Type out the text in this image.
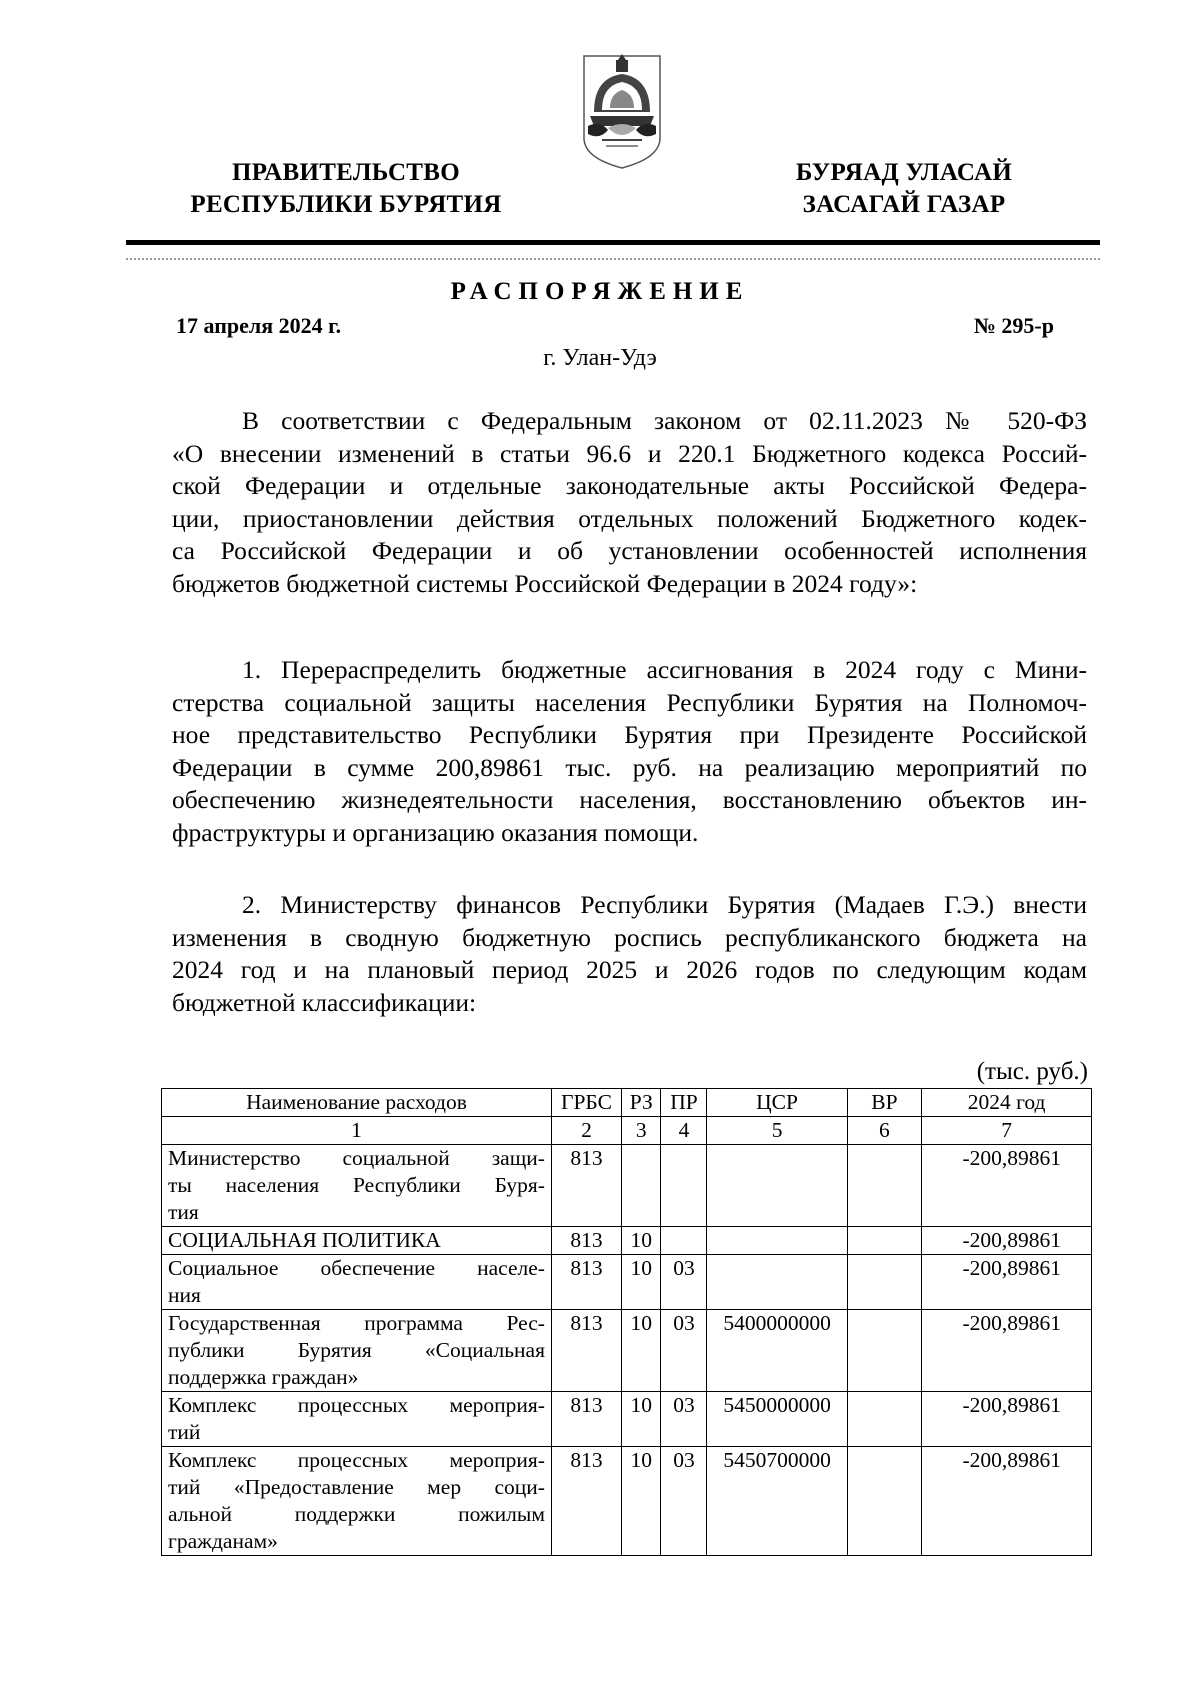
ПРАВИТЕЛЬСТВО
РЕСПУБЛИКИ БУРЯТИЯ
БУРЯАД УЛАСАЙ
ЗАСАГАЙ ГАЗАР
РАСПОРЯЖЕНИЕ
17 апреля 2024 г.	№ 295-р
г. Улан-Удэ
В соответствии с Федеральным законом от 02.11.2023 № 520-ФЗ
«О внесении изменений в статьи 96.6 и 220.1 Бюджетного кодекса Россий-
ской Федерации и отдельные законодательные акты Российской Федера-
ции, приостановлении действия отдельных положений Бюджетного кодек-
са Российской Федерации и об установлении особенностей исполнения
бюджетов бюджетной системы Российской Федерации в 2024 году»:
1. Перераспределить бюджетные ассигнования в 2024 году с Мини-
стерства социальной защиты населения Республики Бурятия на Полномоч-
ное представительство Республики Бурятия при Президенте Российской
Федерации в сумме 200,89861 тыс. руб. на реализацию мероприятий по
обеспечению жизнедеятельности населения, восстановлению объектов ин-
фраструктуры и организацию оказания помощи.
2. Министерству финансов Республики Бурятия (Мадаев Г.Э.) внести
изменения в сводную бюджетную роспись республиканского бюджета на
2024 год и на плановый период 2025 и 2026 годов по следующим кодам
бюджетной классификации:
(тыс. руб.)
Наименование расходов	ГРБС	РЗ	ПР	ЦСР	ВР	2024 год
1	2	3	4	5	6	7

Министерство социальной защи-
ты населения Республики Буря-
тия	813					-200,89861

СОЦИАЛЬНАЯ ПОЛИТИКА	813	10				-200,89861

Социальное обеспечение населе-
ния	813	10	03			-200,89861

Государственная программа Рес-
публики Бурятия «Социальная
поддержка граждан»	813	10	03	5400000000		-200,89861

Комплекс процессных мероприя-
тий	813	10	03	5450000000		-200,89861

Комплекс процессных мероприя-
тий «Предоставление мер соци-
альной поддержки пожилым
гражданам»	813	10	03	5450700000		-200,89861
